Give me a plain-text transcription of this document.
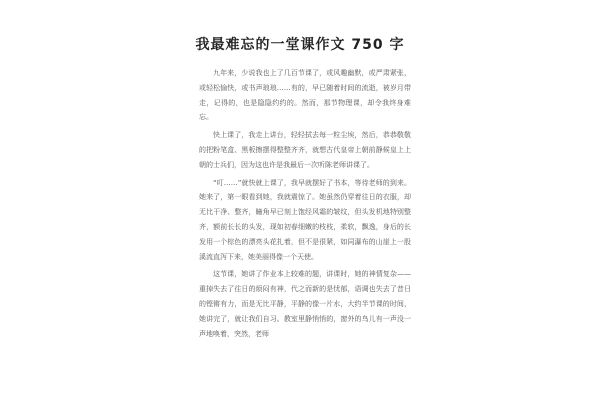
我最难忘的一堂课作文 750 字

九年来，少说我也上了几百节课了，或风趣幽默，或严肃紧张，或轻松愉快，或书声琅琅……有的，早已随着时间的流逝，被岁月带走，记得的，也是隐隐约约的。然而，那节物理课，却令我终身难忘。

快上课了，我走上讲台，轻轻拭去每一粒尘埃，然后，恭恭敬敬的把粉笔盒、黑板擦摆得整整齐齐，就想古代皇帝上朝前静候皇上上朝的士兵们，因为这也许是我最后一次听陈老师讲课了。

“叮……”就快就上课了，我早就摆好了书本，等待老师的到来。她来了，第一眼看到她，我就震惊了。她虽然仍穿着往日的衣服，却无比干净、整齐，瞳角早已刻上饱经风霜的皱纹，但头发机地特别整齐，额前长长的头发，现如初春细嫩的枝枝，柔软，飘逸，身后的长发用一个棕色的漂亮头花扎着，但不是很紧，如同瀑布的山崖上一股溪流直泻下来，她美丽得像一个天使。

这节课，她讲了作业本上较难的题，讲课时，她的神情复杂——重掉失去了往日的烦闷有神，代之而新的是忧郁，语调也失去了昔日的铿锵有力，而是无比平静，平静的像一片水，大约半节课的时间，她讲完了，就让我们自习。教室里静悄悄的，窗外的鸟儿有一声没一声地唤着，突然，老师
